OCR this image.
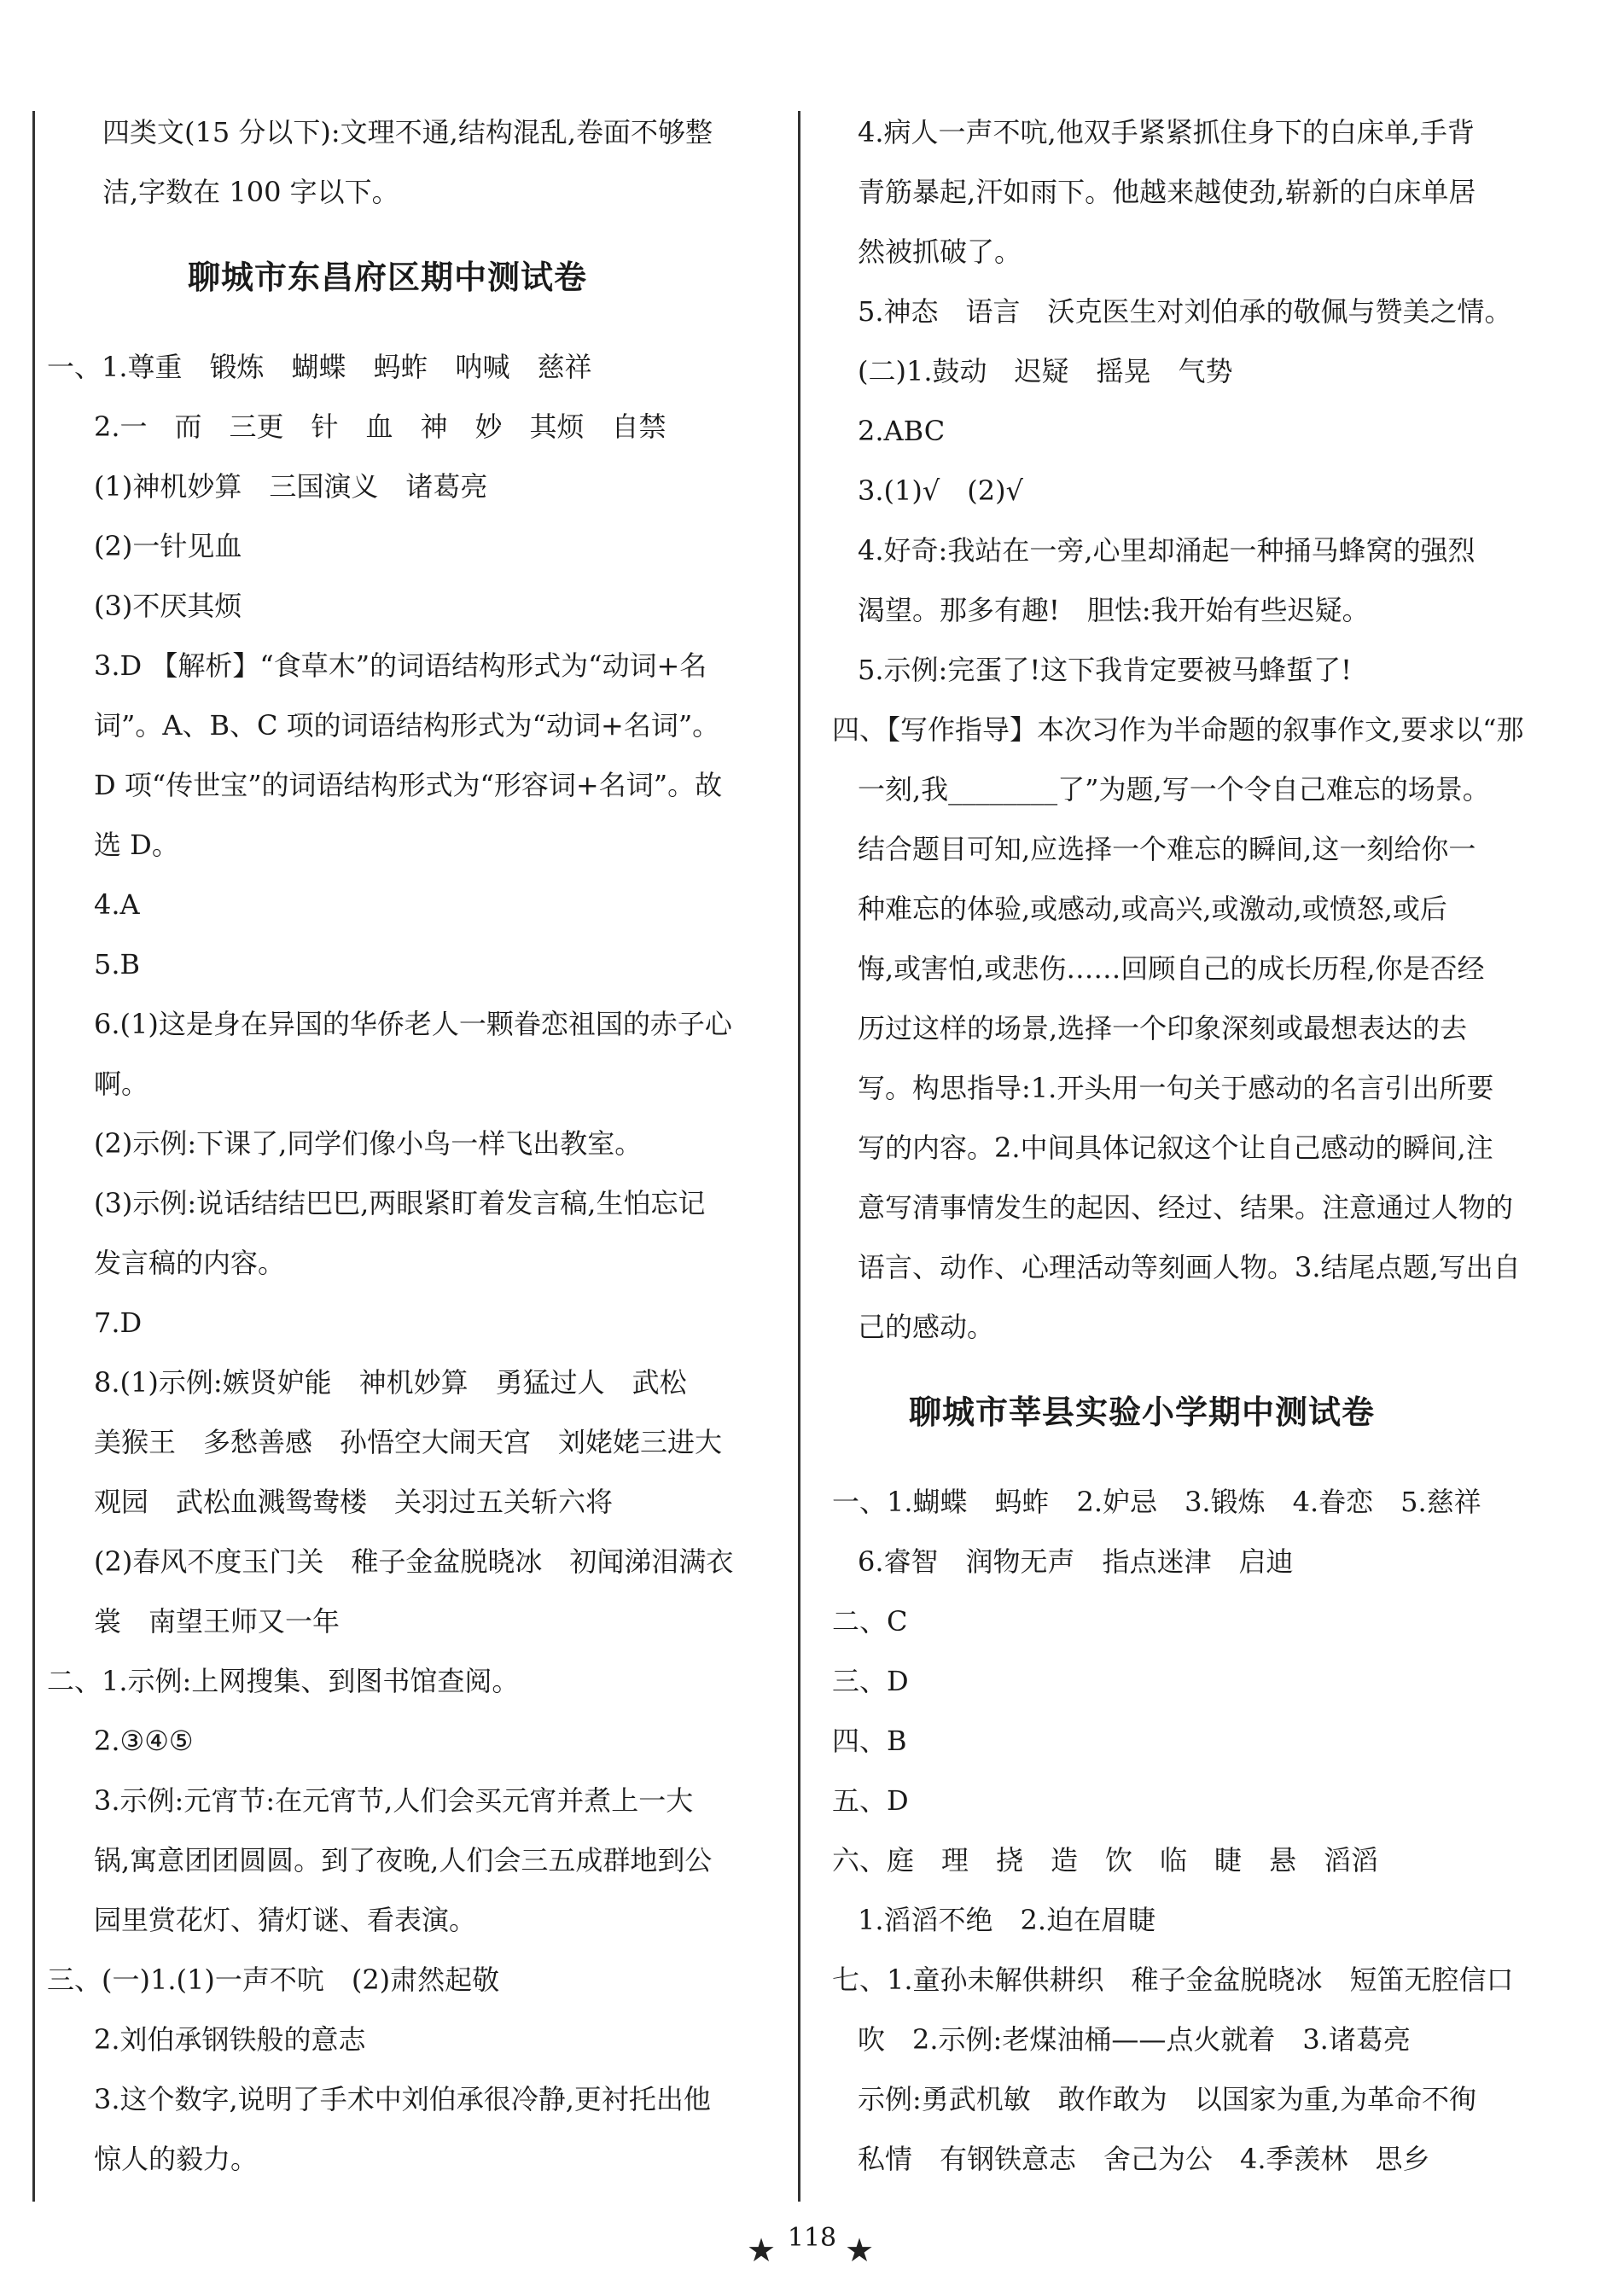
四类文(15 分以下):文理不通,结构混乱,卷面不够整
洁,字数在 100 字以下。
聊城市东昌府区期中测试卷
一、1.尊重　锻炼　蝴蝶　蚂蚱　呐喊　慈祥
2.一　而　三更　针　血　神　妙　其烦　自禁
(1)神机妙算　三国演义　诸葛亮
(2)一针见血
(3)不厌其烦
3.D 【解析】“食草木”的词语结构形式为“动词+名
词”。A、B、C 项的词语结构形式为“动词+名词”。
D 项“传世宝”的词语结构形式为“形容词+名词”。故
选 D。
4.A
5.B
6.(1)这是身在异国的华侨老人一颗眷恋祖国的赤子心
啊。
(2)示例:下课了,同学们像小鸟一样飞出教室。
(3)示例:说话结结巴巴,两眼紧盯着发言稿,生怕忘记
发言稿的内容。
7.D
8.(1)示例:嫉贤妒能　神机妙算　勇猛过人　武松
美猴王　多愁善感　孙悟空大闹天宫　刘姥姥三进大
观园　武松血溅鸳鸯楼　关羽过五关斩六将
(2)春风不度玉门关　稚子金盆脱晓冰　初闻涕泪满衣
裳　南望王师又一年
二、1.示例:上网搜集、到图书馆查阅。
2.③④⑤
3.示例:元宵节:在元宵节,人们会买元宵并煮上一大
锅,寓意团团圆圆。到了夜晚,人们会三五成群地到公
园里赏花灯、猜灯谜、看表演。
三、(一)1.(1)一声不吭　(2)肃然起敬
2.刘伯承钢铁般的意志
3.这个数字,说明了手术中刘伯承很冷静,更衬托出他
惊人的毅力。
4.病人一声不吭,他双手紧紧抓住身下的白床单,手背
青筋暴起,汗如雨下。他越来越使劲,崭新的白床单居
然被抓破了。
5.神态　语言　沃克医生对刘伯承的敬佩与赞美之情。
(二)1.鼓动　迟疑　摇晃　气势
2.ABC
3.(1)√　(2)√
4.好奇:我站在一旁,心里却涌起一种捅马蜂窝的强烈
渴望。那多有趣!　胆怯:我开始有些迟疑。
5.示例:完蛋了!这下我肯定要被马蜂蜇了!
四、【写作指导】本次习作为半命题的叙事作文,要求以“那
一刻,我________了”为题,写一个令自己难忘的场景。
结合题目可知,应选择一个难忘的瞬间,这一刻给你一
种难忘的体验,或感动,或高兴,或激动,或愤怒,或后
悔,或害怕,或悲伤……回顾自己的成长历程,你是否经
历过这样的场景,选择一个印象深刻或最想表达的去
写。构思指导:1.开头用一句关于感动的名言引出所要
写的内容。2.中间具体记叙这个让自己感动的瞬间,注
意写清事情发生的起因、经过、结果。注意通过人物的
语言、动作、心理活动等刻画人物。3.结尾点题,写出自
己的感动。
聊城市莘县实验小学期中测试卷
一、1.蝴蝶　蚂蚱　2.妒忌　3.锻炼　4.眷恋　5.慈祥
6.睿智　润物无声　指点迷津　启迪
二、C
三、D
四、B
五、D
六、庭　理　挠　造　饮　临　睫　悬　滔滔
1.滔滔不绝　2.迫在眉睫
七、1.童孙未解供耕织　稚子金盆脱晓冰　短笛无腔信口
吹　2.示例:老煤油桶——点火就着　3.诸葛亮
示例:勇武机敏　敢作敢为　以国家为重,为革命不徇
私情　有钢铁意志　舍己为公　4.季羡林　思乡
118
★ ★
